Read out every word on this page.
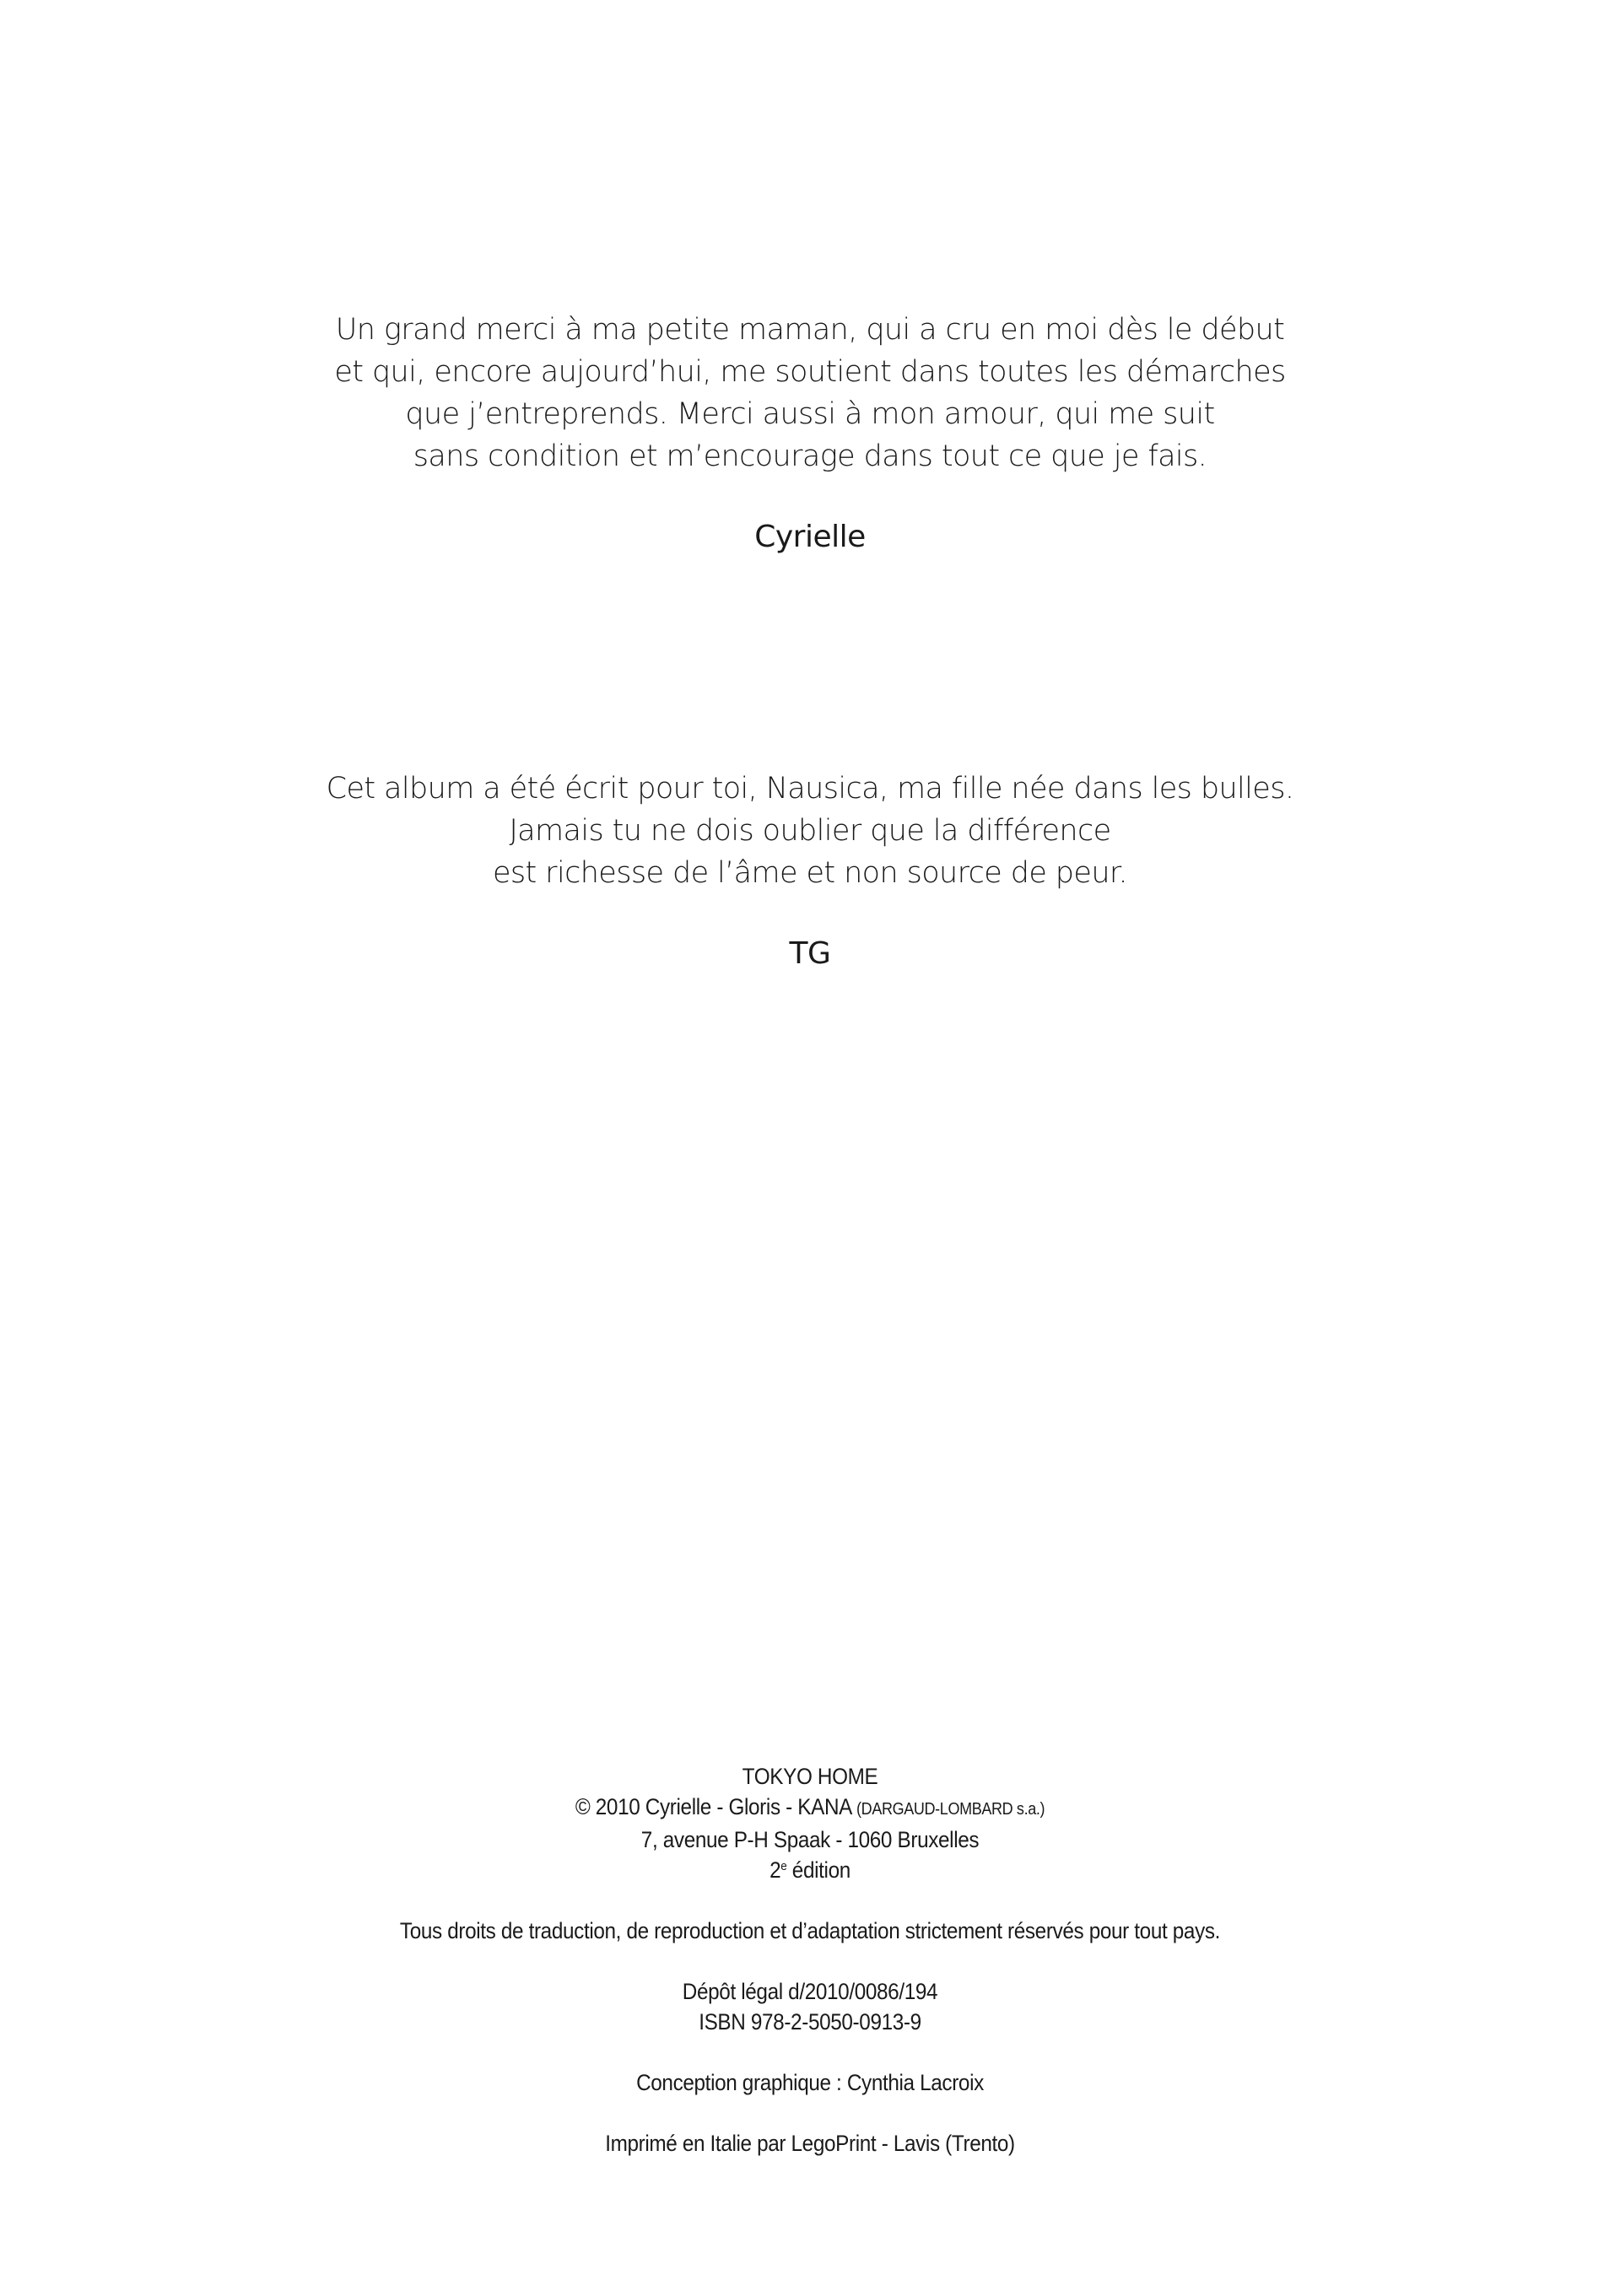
Un grand merci à ma petite maman, qui a cru en moi dès le début
et qui, encore aujourd’hui, me soutient dans toutes les démarches
que j’entreprends. Merci aussi à mon amour, qui me suit
sans condition et m’encourage dans tout ce que je fais.
Cyrielle
Cet album a été écrit pour toi, Nausica, ma fille née dans les bulles.
Jamais tu ne dois oublier que la différence
est richesse de l’âme et non source de peur.
TG
TOKYO HOME
© 2010 Cyrielle - Gloris - KANA (DARGAUD-LOMBARD s.a.)
7, avenue P-H Spaak - 1060 Bruxelles
2e édition
Tous droits de traduction, de reproduction et d’adaptation strictement réservés pour tout pays.
Dépôt légal d/2010/0086/194
ISBN 978-2-5050-0913-9
Conception graphique : Cynthia Lacroix
Imprimé en Italie par LegoPrint - Lavis (Trento)
